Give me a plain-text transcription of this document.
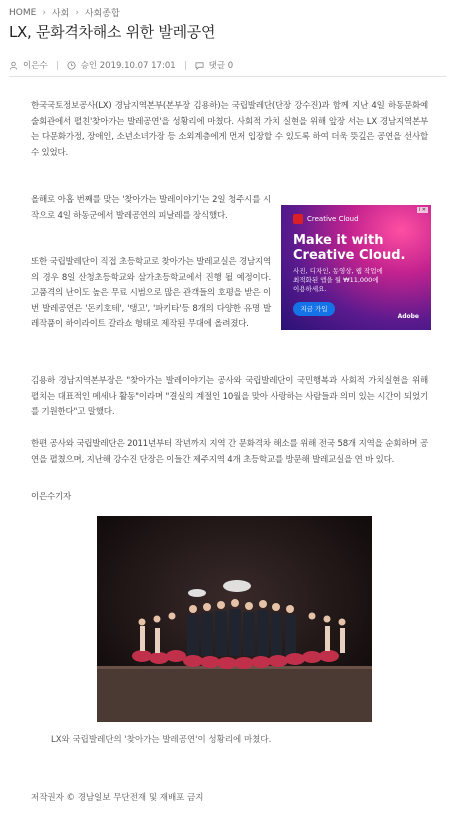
HOME › 사회 › 사회종합
LX, 문화격차해소 위한 발레공연
이은수	승인 2019.10.07 17:01	댓글 0

한국국토정보공사(LX) 경남지역본부(본부장 김용하)는 국립발레단(단장 강수진)과 함께 지난 4일 하동문화예술회관에서 펼친'찾아가는 발레공연'을 성황리에 마쳤다. 사회적 가치 실현을 위해 앞장 서는 LX 경남지역본부는 다문화가정, 장애인, 소년소녀가장 등 소외계층에게 먼저 입장할 수 있도록 하여 더욱 뜻깊은 공연을 선사할 수 있었다.

올해로 아홉 번째를 맞는 '찾아가는 발레이야기'는 2일 청주시를 시작으로 4일 하동군에서 발레공연의 피날레를 장식했다.

또한 국립발레단이 직접 초등학교로 찾아가는 발레교실은 경남지역의 경우 8일 산청초등학교와 삼가초등학교에서 진행 될 예정이다. 고품격의 난이도 높은 무료 시범으로 많은 관객들의 호평을 받은 이번 발레공연은 '돈키호테', '탱고', '파키타'등 8개의 다양한 유명 발레작품이 하이라이트 갈라쇼 형태로 제작된 무대에 올려졌다.

김용하 경남지역본부장은 "찾아가는 발레이야기는 공사와 국립발레단이 국민행복과 사회적 가치실현을 위해 펼치는 대표적인 메세나 활동"이라며 "결실의 계절인 10월을 맞아 사랑하는 사람들과 의미 있는 시간이 되었기를 기원한다"고 말했다.

한편 공사와 국립발레단은 2011년부터 작년까지 지역 간 문화격차 해소를 위해 전국 58개 지역을 순회하며 공연을 펼쳤으며, 지난해 강수진 단장은 이들간 제주지역 4개 초등학교를 방문해 발레교실을 연 바 있다.

이은수기자

i ✕
Creative Cloud
Make it with
Creative Cloud.
사진, 디자인, 동영상, 웹 작업에
최적화된 앱을 월 ₩11,000에
이용하세요.
지금 가입
Adobe
LX와 국립발레단의 '찾아가는 발레공연'이 성황리에 마쳤다.
저작권자 © 경남일보 무단전재 및 재배포 금지
